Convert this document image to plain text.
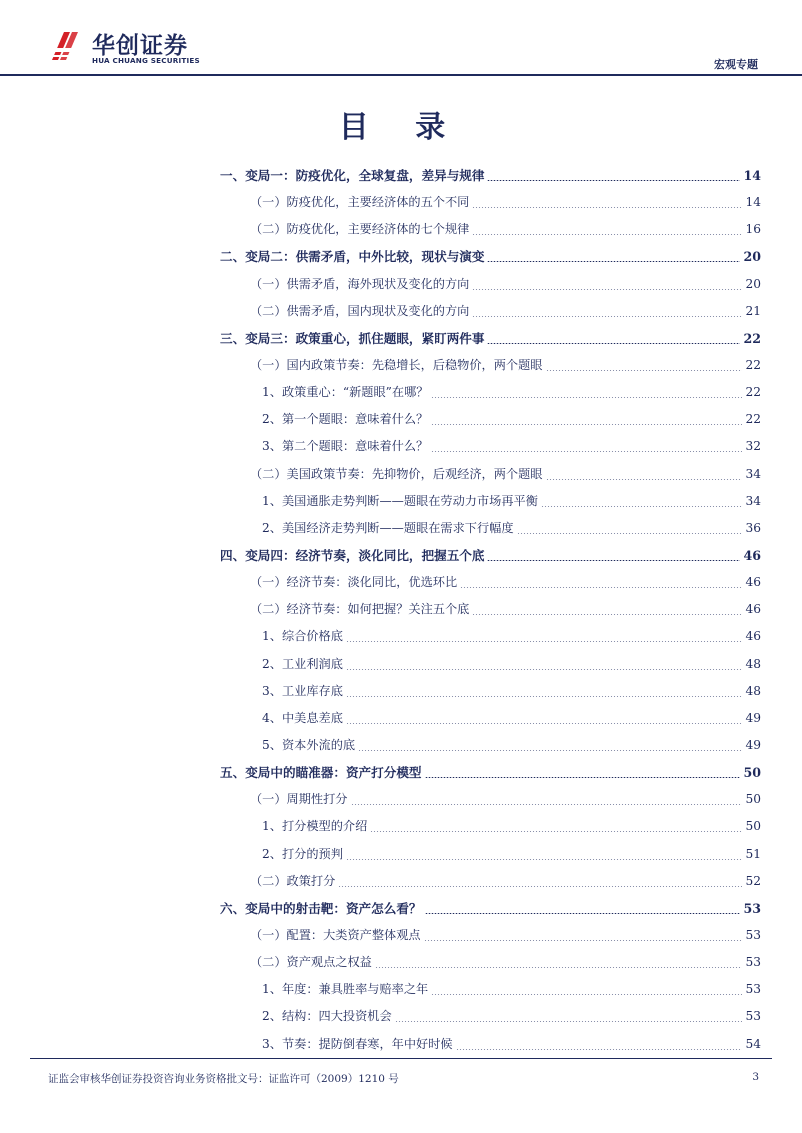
华创证券
HUA CHUANG SECURITIES	宏观专题
目 录
一、变局一：防疫优化，全球复盘，差异与规律	14
（一）防疫优化，主要经济体的五个不同	14
（二）防疫优化，主要经济体的七个规律	16
二、变局二：供需矛盾，中外比较，现状与演变	20
（一）供需矛盾，海外现状及变化的方向	20
（二）供需矛盾，国内现状及变化的方向	21
三、变局三：政策重心，抓住题眼，紧盯两件事	22
（一）国内政策节奏：先稳增长，后稳物价，两个题眼	22
1、政策重心：“新题眼”在哪？	22
2、第一个题眼：意味着什么？	22
3、第二个题眼：意味着什么？	32
（二）美国政策节奏：先抑物价，后观经济，两个题眼	34
1、美国通胀走势判断——题眼在劳动力市场再平衡	34
2、美国经济走势判断——题眼在需求下行幅度	36
四、变局四：经济节奏，淡化同比，把握五个底	46
（一）经济节奏：淡化同比，优选环比	46
（二）经济节奏：如何把握？关注五个底	46
1、综合价格底	46
2、工业利润底	48
3、工业库存底	48
4、中美息差底	49
5、资本外流的底	49
五、变局中的瞄准器：资产打分模型	50
（一）周期性打分	50
1、打分模型的介绍	50
2、打分的预判	51
（二）政策打分	52
六、变局中的射击靶：资产怎么看？	53
（一）配置：大类资产整体观点	53
（二）资产观点之权益	53
1、年度：兼具胜率与赔率之年	53
2、结构：四大投资机会	53
3、节奏：提防倒春寒，年中好时候	54
证监会审核华创证券投资咨询业务资格批文号：证监许可（2009）1210 号	3
